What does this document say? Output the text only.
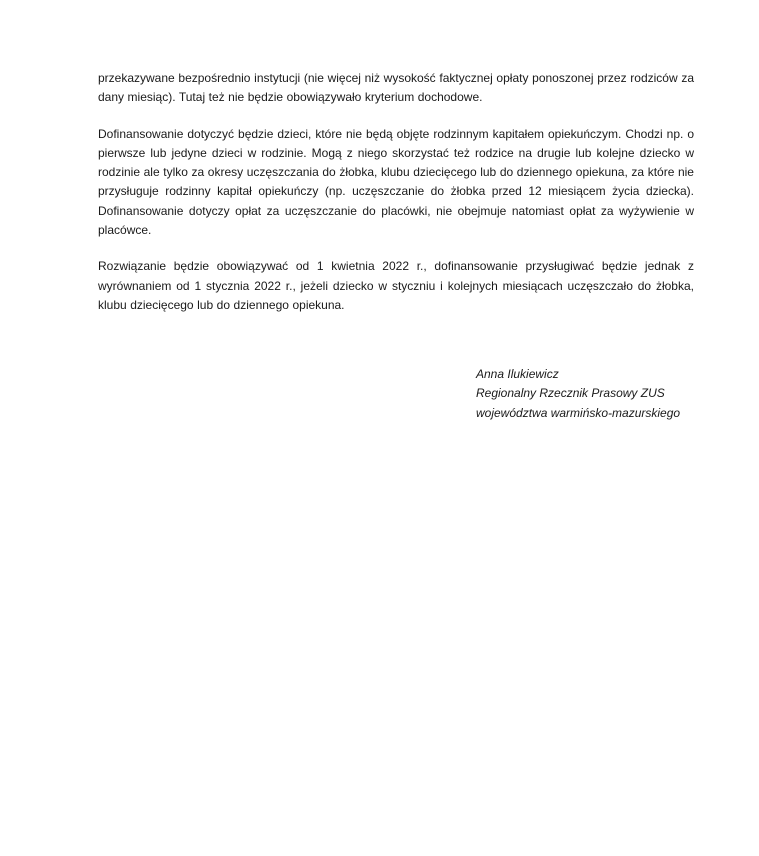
przekazywane bezpośrednio instytucji (nie więcej niż wysokość faktycznej opłaty ponoszonej przez rodziców za dany miesiąc). Tutaj też nie będzie obowiązywało kryterium dochodowe.

Dofinansowanie dotyczyć będzie dzieci, które nie będą objęte rodzinnym kapitałem opiekuńczym. Chodzi np. o pierwsze lub jedyne dzieci w rodzinie. Mogą z niego skorzystać też rodzice na drugie lub kolejne dziecko w rodzinie ale tylko za okresy uczęszczania do żłobka, klubu dziecięcego lub do dziennego opiekuna, za które nie przysługuje rodzinny kapitał opiekuńczy (np. uczęszczanie do żłobka przed 12 miesiącem życia dziecka). Dofinansowanie dotyczy opłat za uczęszczanie do placówki, nie obejmuje natomiast opłat za wyżywienie w placówce.

Rozwiązanie będzie obowiązywać od 1 kwietnia 2022 r., dofinansowanie przysługiwać będzie jednak z wyrównaniem od 1 stycznia 2022 r., jeżeli dziecko w styczniu i kolejnych miesiącach uczęszczało do żłobka, klubu dziecięcego lub do dziennego opiekuna.

Anna Ilukiewicz
Regionalny Rzecznik Prasowy ZUS
województwa warmińsko-mazurskiego
